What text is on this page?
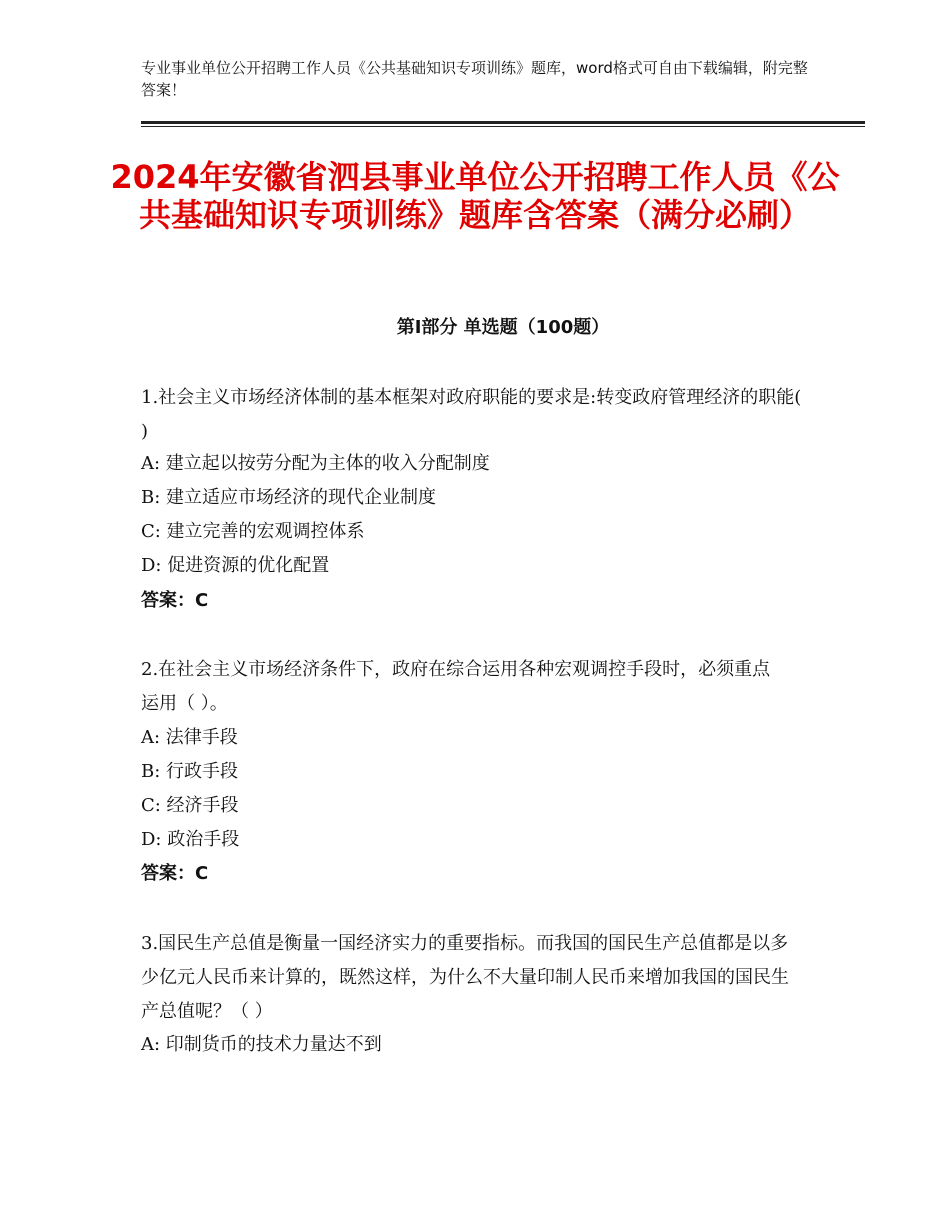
专业事业单位公开招聘工作人员《公共基础知识专项训练》题库，word格式可自由下载编辑，附完整答案！
2024年安徽省泗县事业单位公开招聘工作人员《公共基础知识专项训练》题库含答案（满分必刷）
第Ⅰ部分 单选题（100题）
1.社会主义市场经济体制的基本框架对政府职能的要求是:转变政府管理经济的职能( )
A: 建立起以按劳分配为主体的收入分配制度
B: 建立适应市场经济的现代企业制度
C: 建立完善的宏观调控体系
D: 促进资源的优化配置
答案：C
2.在社会主义市场经济条件下，政府在综合运用各种宏观调控手段时，必须重点运用（ ）。
A: 法律手段
B: 行政手段
C: 经济手段
D: 政治手段
答案：C
3.国民生产总值是衡量一国经济实力的重要指标。而我国的国民生产总值都是以多少亿元人民币来计算的，既然这样，为什么不大量印制人民币来增加我国的国民生产总值呢？（ ）
A: 印制货币的技术力量达不到
